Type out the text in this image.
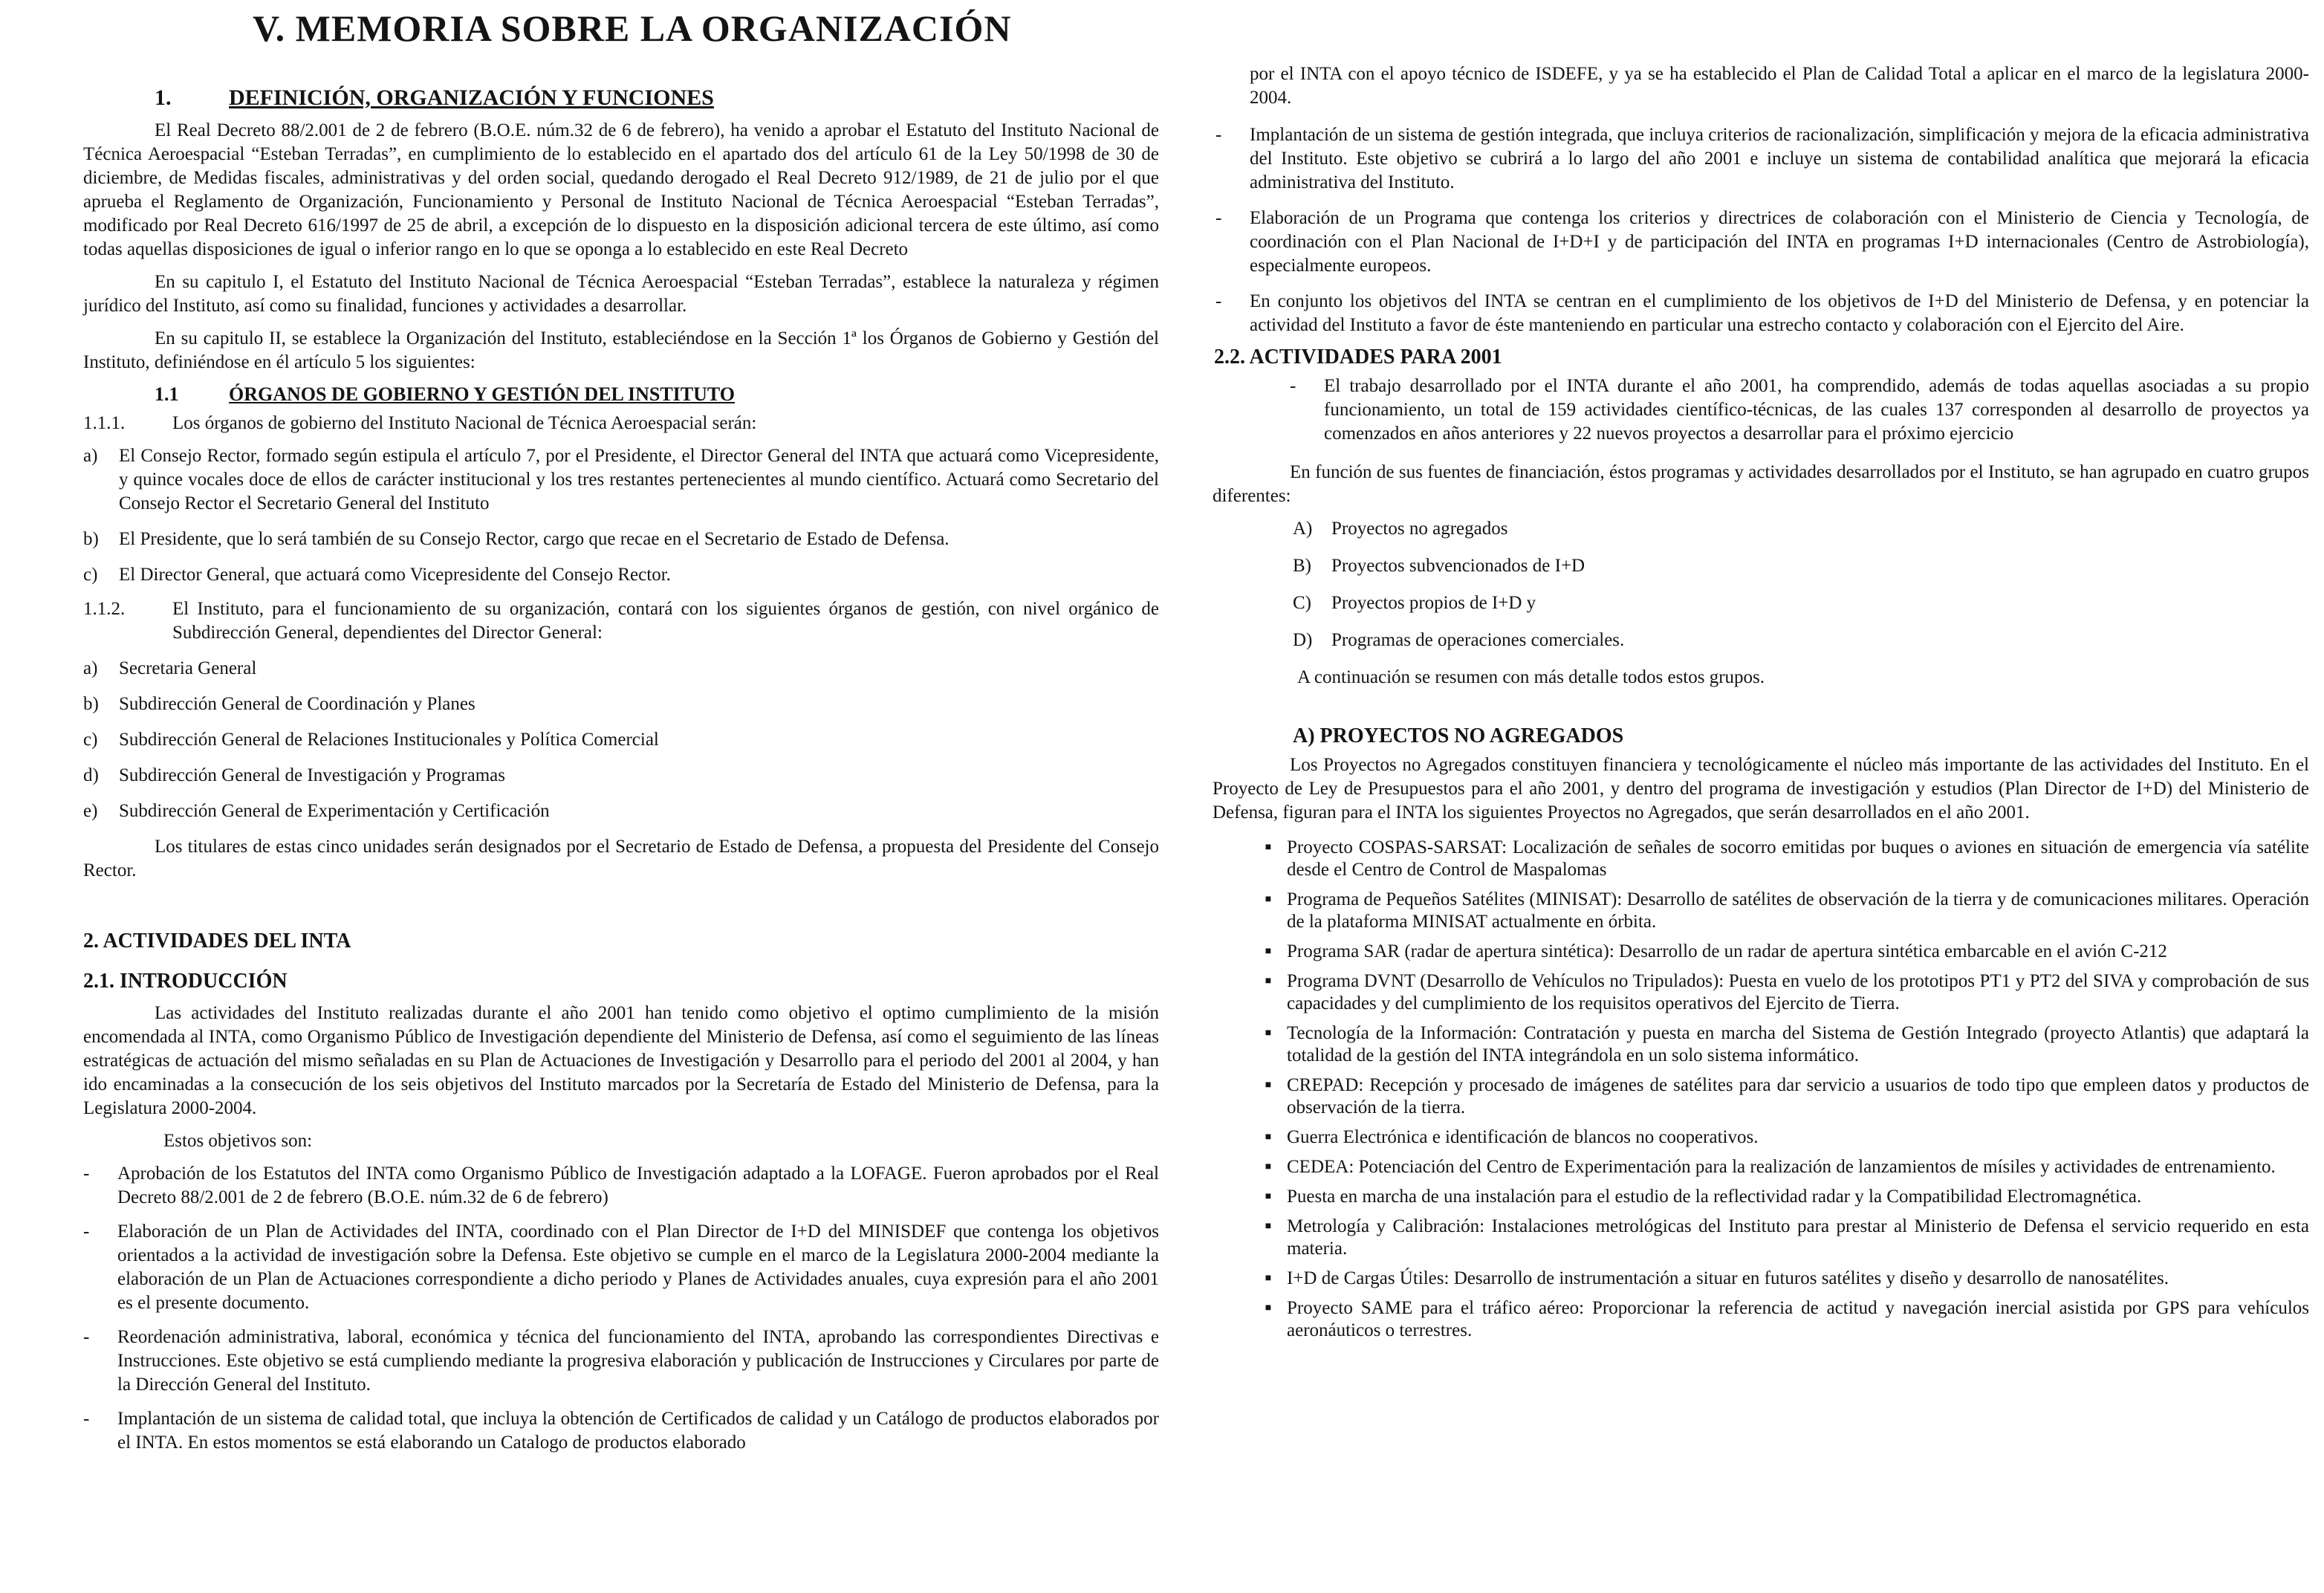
V. MEMORIA SOBRE LA ORGANIZACIÓN
1.	DEFINICIÓN, ORGANIZACIÓN Y FUNCIONES

El Real Decreto 88/2.001 de 2 de febrero (B.O.E. núm.32 de 6 de febrero), ha venido a aprobar el Estatuto del Instituto Nacional de Técnica Aeroespacial “Esteban Terradas”, en cumplimiento de lo establecido en el apartado dos del artículo 61 de la Ley 50/1998 de 30 de diciembre, de Medidas fiscales, administrativas y del orden social, quedando derogado el Real Decreto 912/1989, de 21 de julio por el que aprueba el Reglamento de Organización, Funcionamiento y Personal de Instituto Nacional de Técnica Aeroespacial “Esteban Terradas”, modificado por Real Decreto 616/1997 de 25 de abril, a excepción de lo dispuesto en la disposición adicional tercera de este último, así como todas aquellas disposiciones de igual o inferior rango en lo que se oponga a lo establecido en este Real Decreto

En su capitulo I, el Estatuto del Instituto Nacional de Técnica Aeroespacial “Esteban Terradas”, establece la naturaleza y régimen jurídico del Instituto, así como su finalidad, funciones y actividades a desarrollar.

En su capitulo II, se establece la Organización del Instituto, estableciéndose en la Sección 1ª los Órganos de Gobierno y Gestión del Instituto, definiéndose en él artículo 5 los siguientes:

1.1	ÓRGANOS DE GOBIERNO Y GESTIÓN DEL INSTITUTO
1.1.1.	Los órganos de gobierno del Instituto Nacional de Técnica Aeroespacial serán:
a)	El Consejo Rector, formado según estipula el artículo 7, por el Presidente, el Director General del INTA que actuará como Vicepresidente, y quince vocales doce de ellos de carácter institucional y los tres restantes pertenecientes al mundo científico. Actuará como Secretario del Consejo Rector el Secretario General del Instituto
b)	El Presidente, que lo será también de su Consejo Rector, cargo que recae en el Secretario de Estado de Defensa.
c)	El Director General, que actuará como Vicepresidente del Consejo Rector.
1.1.2.	El Instituto, para el funcionamiento de su organización, contará con los siguientes órganos de gestión, con nivel orgánico de Subdirección General, dependientes del Director General:
a)	Secretaria General
b)	Subdirección General de Coordinación y Planes
c)	Subdirección General de Relaciones Institucionales y Política Comercial
d)	Subdirección General de Investigación y Programas
e)	Subdirección General de Experimentación y Certificación

Los titulares de estas cinco unidades serán designados por el Secretario de Estado de Defensa, a propuesta del Presidente del Consejo Rector.

2. ACTIVIDADES DEL INTA
2.1. INTRODUCCIÓN

Las actividades del Instituto realizadas durante el año 2001 han tenido como objetivo el optimo cumplimiento de la misión encomendada al INTA, como Organismo Público de Investigación dependiente del Ministerio de Defensa, así como el seguimiento de las líneas estratégicas de actuación del mismo señaladas en su Plan de Actuaciones de Investigación y Desarrollo para el periodo del 2001 al 2004, y han ido encaminadas a la consecución de los seis objetivos del Instituto marcados por la Secretaría de Estado del Ministerio de Defensa, para la Legislatura 2000-2004.

Estos objetivos son:

-	Aprobación de los Estatutos del INTA como Organismo Público de Investigación adaptado a la LOFAGE. Fueron aprobados por el Real Decreto 88/2.001 de 2 de febrero (B.O.E. núm.32 de 6 de febrero)
-	Elaboración de un Plan de Actividades del INTA, coordinado con el Plan Director de I+D del MINISDEF que contenga los objetivos orientados a la actividad de investigación sobre la Defensa. Este objetivo se cumple en el marco de la Legislatura 2000-2004 mediante la elaboración de un Plan de Actuaciones correspondiente a dicho periodo y Planes de Actividades anuales, cuya expresión para el año 2001 es el presente documento.
-	Reordenación administrativa, laboral, económica y técnica del funcionamiento del INTA, aprobando las correspondientes Directivas e Instrucciones. Este objetivo se está cumpliendo mediante la progresiva elaboración y publicación de Instrucciones y Circulares por parte de la Dirección General del Instituto.
-	Implantación de un sistema de calidad total, que incluya la obtención de Certificados de calidad y un Catálogo de productos elaborados por el INTA. En estos momentos se está elaborando un Catalogo de productos elaborado
por el INTA con el apoyo técnico de ISDEFE, y ya se ha establecido el Plan de Calidad Total a aplicar en el marco de la legislatura 2000-2004.
-	Implantación de un sistema de gestión integrada, que incluya criterios de racionalización, simplificación y mejora de la eficacia administrativa del Instituto. Este objetivo se cubrirá a lo largo del año 2001 e incluye un sistema de contabilidad analítica que mejorará la eficacia administrativa del Instituto.
-	Elaboración de un Programa que contenga los criterios y directrices de colaboración con el Ministerio de Ciencia y Tecnología, de coordinación con el Plan Nacional de I+D+I y de participación del INTA en programas I+D internacionales (Centro de Astrobiología), especialmente europeos.
-	En conjunto los objetivos del INTA se centran en el cumplimiento de los objetivos de I+D del Ministerio de Defensa, y en potenciar la actividad del Instituto a favor de éste manteniendo en particular una estrecho contacto y colaboración con el Ejercito del Aire.
2.2. ACTIVIDADES PARA 2001
-	El trabajo desarrollado por el INTA durante el año 2001, ha comprendido, además de todas aquellas asociadas a su propio funcionamiento, un total de 159 actividades científico-técnicas, de las cuales 137 corresponden al desarrollo de proyectos ya comenzados en años anteriores y 22 nuevos proyectos a desarrollar para el próximo ejercicio

En función de sus fuentes de financiación, éstos programas y actividades desarrollados por el Instituto, se han agrupado en cuatro grupos diferentes:

A)	Proyectos no agregados
B)	Proyectos subvencionados de I+D
C)	Proyectos propios de I+D y
D)	Programas de operaciones comerciales.

A continuación se resumen con más detalle todos estos grupos.

A) PROYECTOS NO AGREGADOS

Los Proyectos no Agregados constituyen financiera y tecnológicamente el núcleo más importante de las actividades del Instituto. En el Proyecto de Ley de Presupuestos para el año 2001, y dentro del programa de investigación y estudios (Plan Director de I+D) del Ministerio de Defensa, figuran para el INTA los siguientes Proyectos no Agregados, que serán desarrollados en el año 2001.

■ Proyecto COSPAS-SARSAT: Localización de señales de socorro emitidas por buques o aviones en situación de emergencia vía satélite desde el Centro de Control de Maspalomas
■ Programa de Pequeños Satélites (MINISAT): Desarrollo de satélites de observación de la tierra y de comunicaciones militares. Operación de la plataforma MINISAT actualmente en órbita.
■ Programa SAR (radar de apertura sintética): Desarrollo de un radar de apertura sintética embarcable en el avión C-212
■ Programa DVNT (Desarrollo de Vehículos no Tripulados): Puesta en vuelo de los prototipos PT1 y PT2 del SIVA y comprobación de sus capacidades y del cumplimiento de los requisitos operativos del Ejercito de Tierra.
■ Tecnología de la Información: Contratación y puesta en marcha del Sistema de Gestión Integrado (proyecto Atlantis) que adaptará la totalidad de la gestión del INTA integrándola en un solo sistema informático.
■ CREPAD: Recepción y procesado de imágenes de satélites para dar servicio a usuarios de todo tipo que empleen datos y productos de observación de la tierra.
■ Guerra Electrónica e identificación de blancos no cooperativos.
■ CEDEA: Potenciación del Centro de Experimentación para la realización de lanzamientos de mísiles y actividades de entrenamiento.
■ Puesta en marcha de una instalación para el estudio de la reflectividad radar y la Compatibilidad Electromagnética.
■ Metrología y Calibración: Instalaciones metrológicas del Instituto para prestar al Ministerio de Defensa el servicio requerido en esta materia.
■ I+D de Cargas Útiles: Desarrollo de instrumentación a situar en futuros satélites y diseño y desarrollo de nanosatélites.
■ Proyecto SAME para el tráfico aéreo: Proporcionar la referencia de actitud y navegación inercial asistida por GPS para vehículos aeronáuticos o terrestres.
